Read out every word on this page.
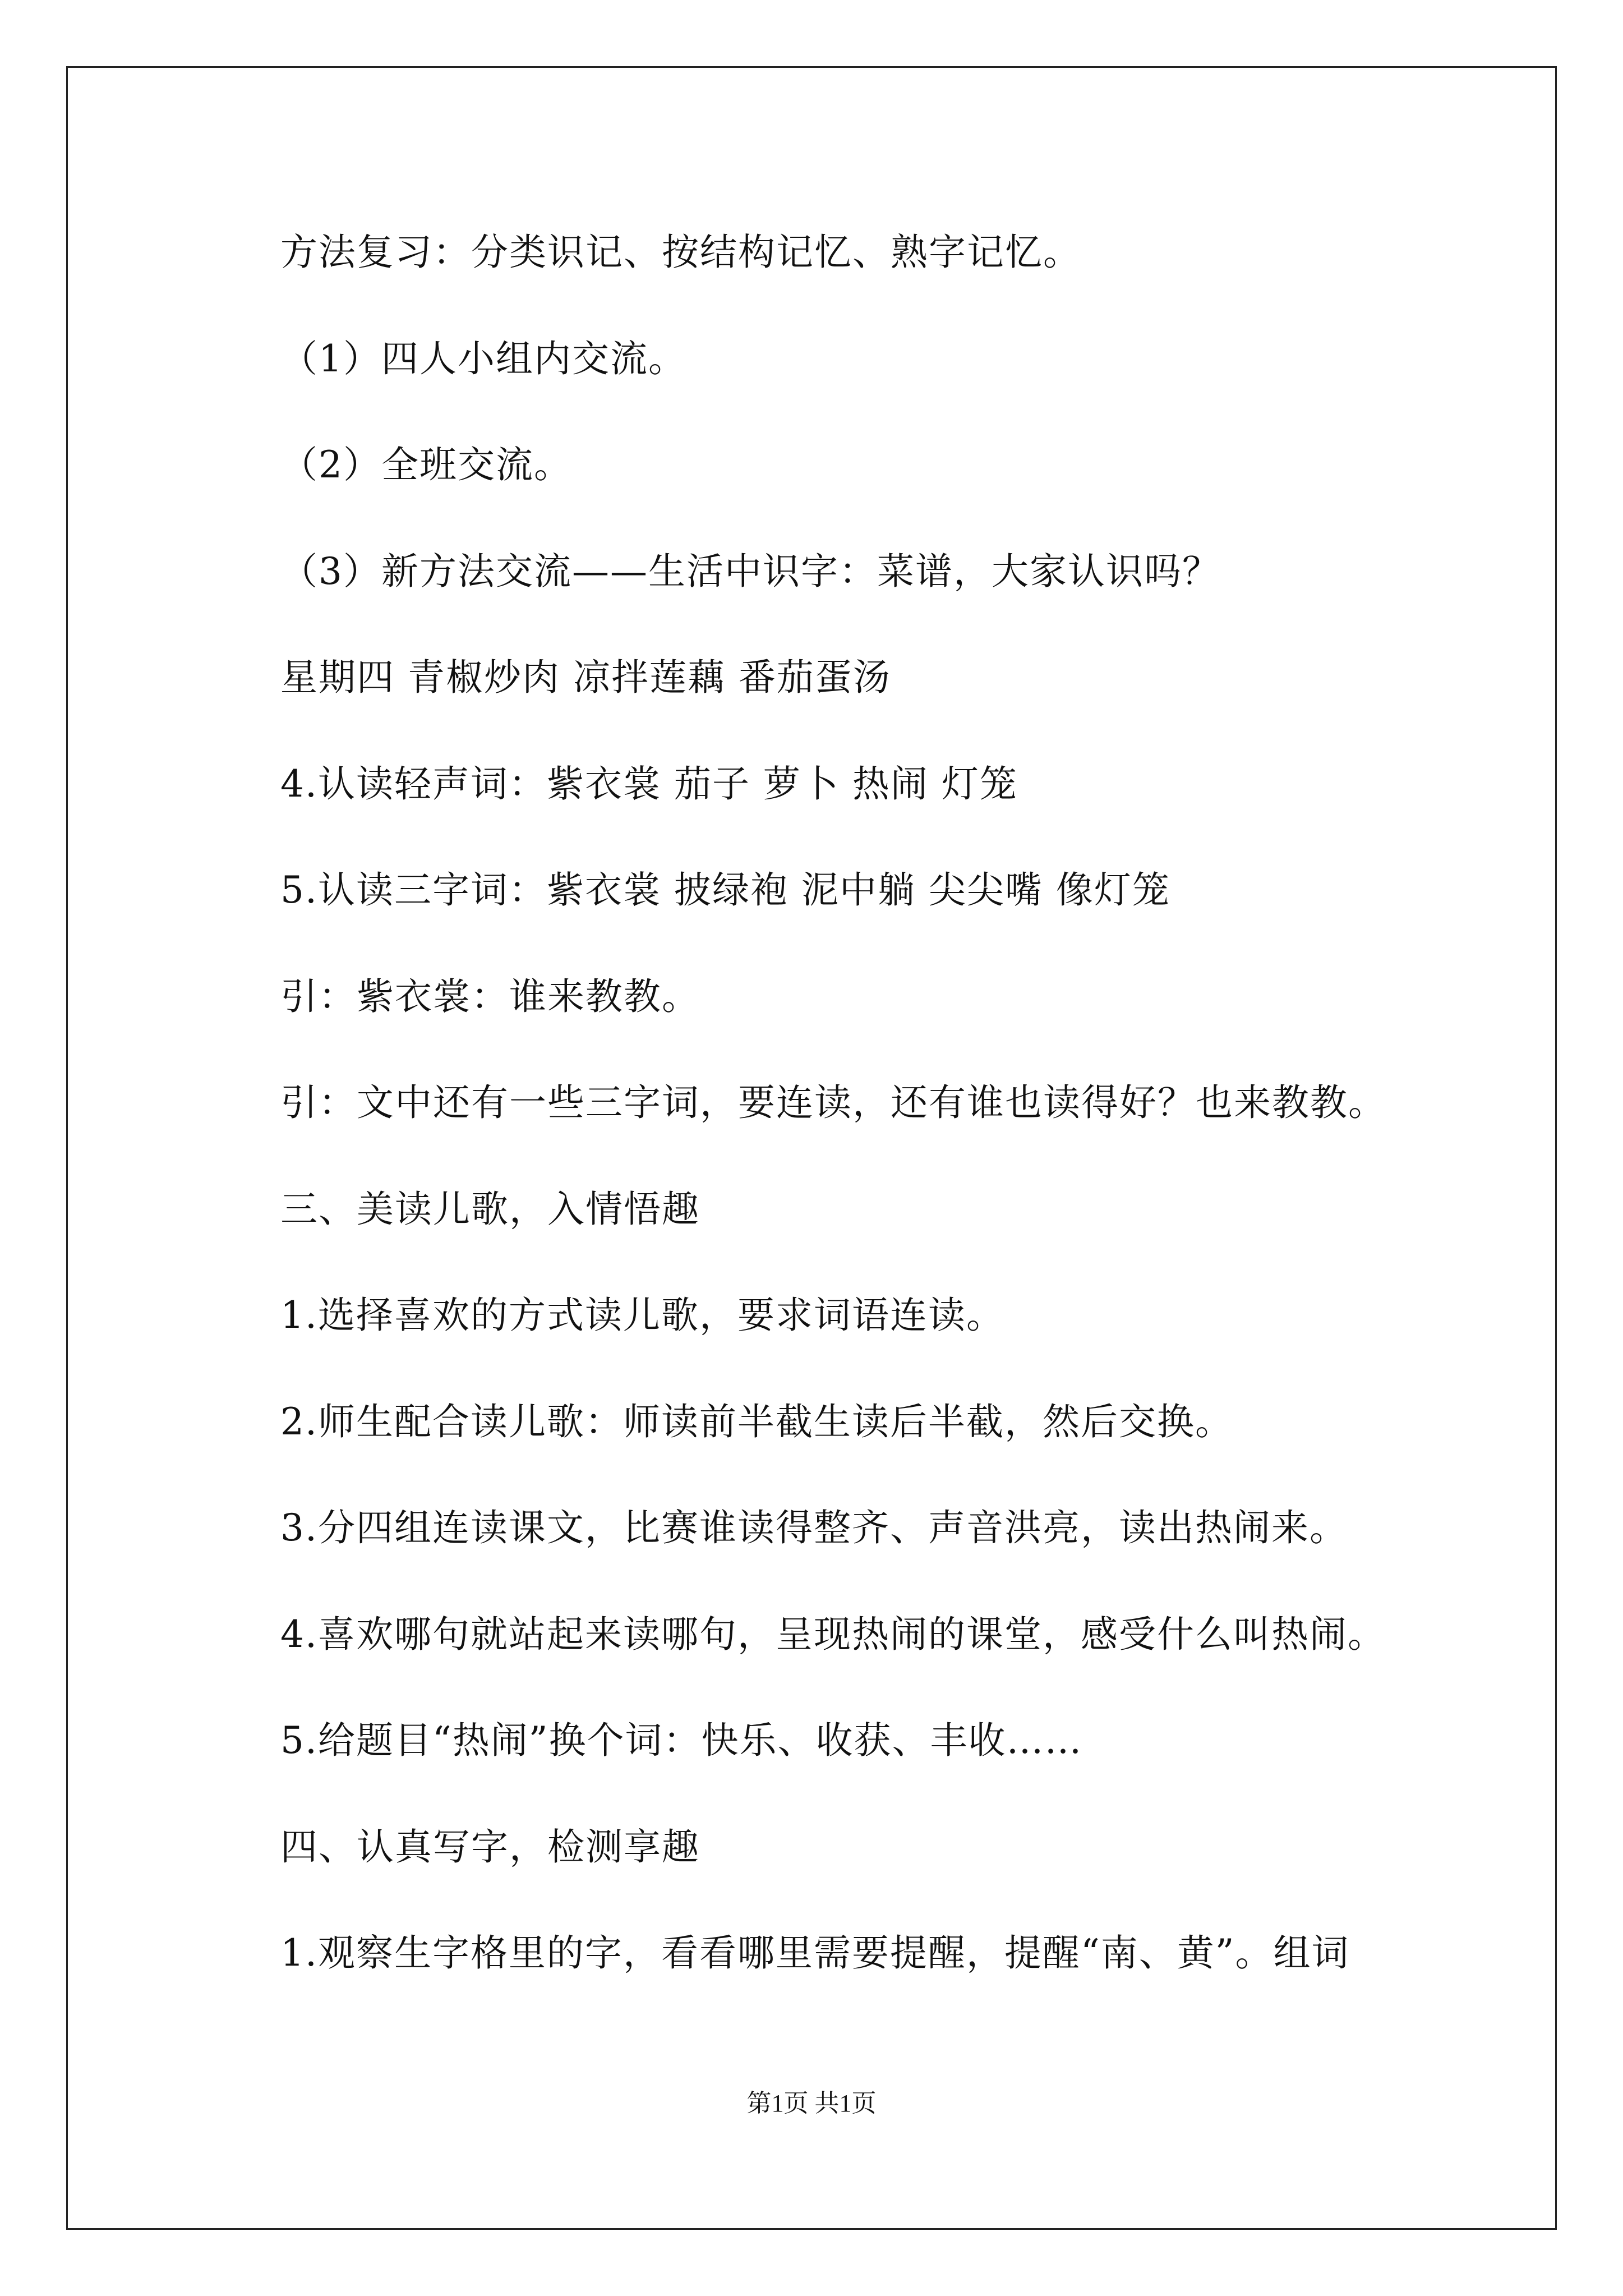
方法复习：分类识记、按结构记忆、熟字记忆。
（1）四人小组内交流。
（2）全班交流。
（3）新方法交流——生活中识字：菜谱，大家认识吗？
星期四 青椒炒肉 凉拌莲藕 番茄蛋汤
4.认读轻声词：紫衣裳 茄子 萝卜 热闹 灯笼
5.认读三字词：紫衣裳 披绿袍 泥中躺 尖尖嘴 像灯笼
引：紫衣裳：谁来教教。
引：文中还有一些三字词，要连读，还有谁也读得好？也来教教。
三、美读儿歌，入情悟趣
1.选择喜欢的方式读儿歌，要求词语连读。
2.师生配合读儿歌：师读前半截生读后半截，然后交换。
3.分四组连读课文，比赛谁读得整齐、声音洪亮，读出热闹来。
4.喜欢哪句就站起来读哪句，呈现热闹的课堂，感受什么叫热闹。
5.给题目“热闹”换个词：快乐、收获、丰收……
四、认真写字，检测享趣
1.观察生字格里的字，看看哪里需要提醒，提醒“南、黄”。组词
第1页 共1页
